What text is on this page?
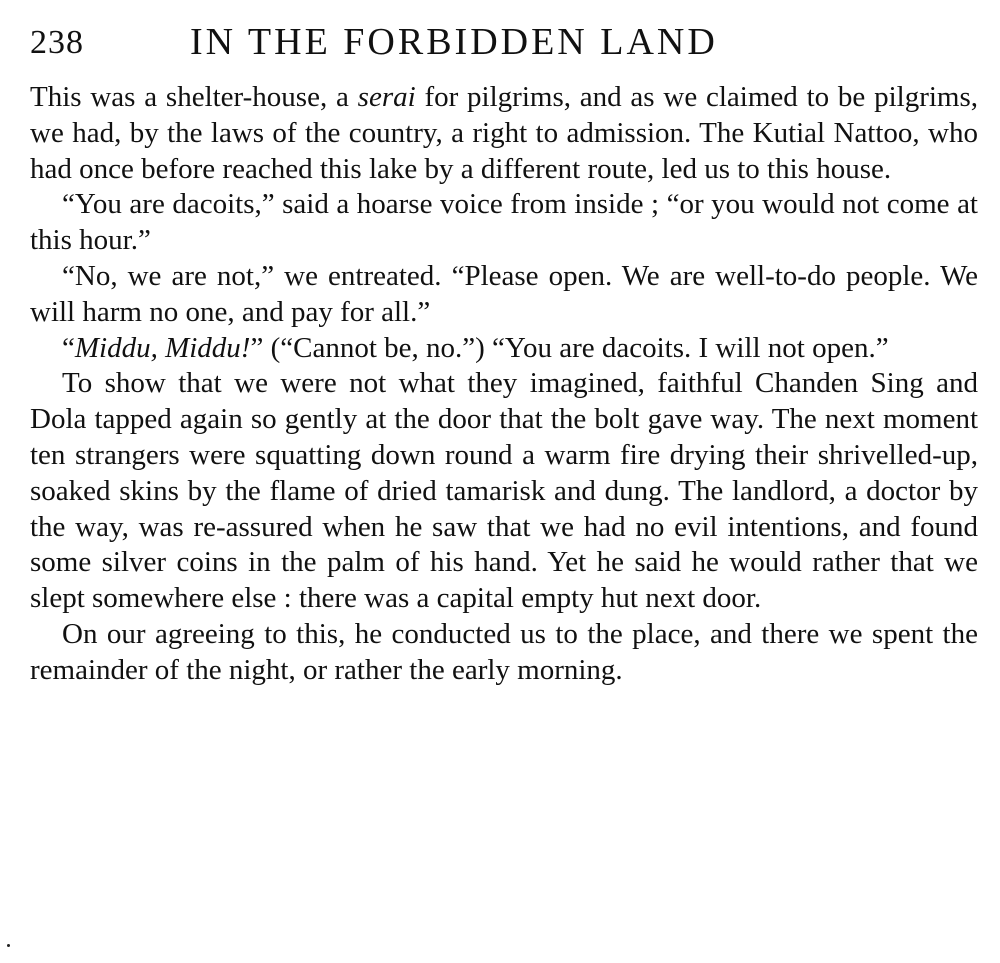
238	IN THE FORBIDDEN LAND

This was a shelter-house, a serai for pilgrims, and as we claimed to be pilgrims, we had, by the laws of the country, a right to admission. The Kutial Nattoo, who had once before reached this lake by a different route, led us to this house.

“You are dacoits,” said a hoarse voice from inside ; “or you would not come at this hour.”

“No, we are not,” we entreated. “Please open. We are well-to-do people. We will harm no one, and pay for all.”

“Middu, Middu!” (“Cannot be, no.”) “You are dacoits. I will not open.”

To show that we were not what they imagined, faithful Chanden Sing and Dola tapped again so gently at the door that the bolt gave way. The next moment ten strangers were squatting down round a warm fire drying their shrivelled-up, soaked skins by the flame of dried tamarisk and dung. The landlord, a doctor by the way, was re-assured when he saw that we had no evil intentions, and found some silver coins in the palm of his hand. Yet he said he would rather that we slept somewhere else : there was a capital empty hut next door.

On our agreeing to this, he conducted us to the place, and there we spent the remainder of the night, or rather the early morning.
